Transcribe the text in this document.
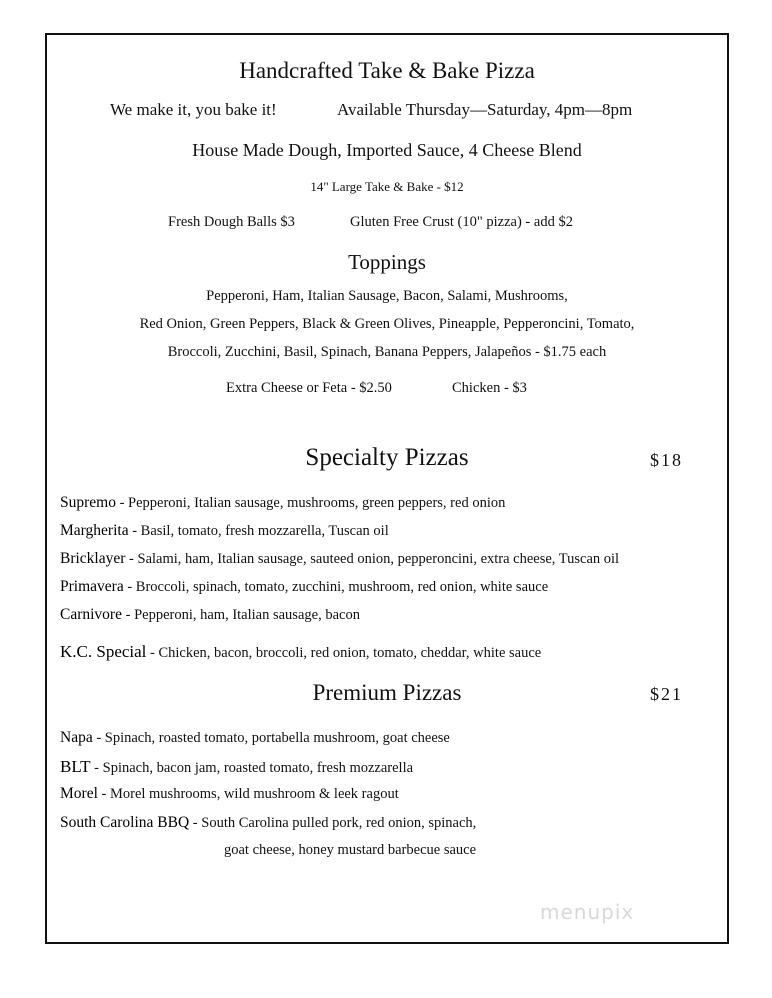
Handcrafted Take & Bake Pizza
We make it, you bake it!	Available Thursday—Saturday, 4pm—8pm
House Made Dough, Imported Sauce, 4 Cheese Blend
14" Large Take & Bake - $12
Fresh Dough Balls $3	Gluten Free Crust (10" pizza) - add $2
Toppings
Pepperoni, Ham, Italian Sausage, Bacon, Salami, Mushrooms,
Red Onion, Green Peppers, Black & Green Olives, Pineapple, Pepperoncini, Tomato,
Broccoli, Zucchini, Basil, Spinach, Banana Peppers, Jalapeños - $1.75 each
Extra Cheese or Feta - $2.50	Chicken - $3
Specialty Pizzas	$18
Supremo - Pepperoni, Italian sausage, mushrooms, green peppers, red onion
Margherita - Basil, tomato, fresh mozzarella, Tuscan oil
Bricklayer - Salami, ham, Italian sausage, sauteed onion, pepperoncini, extra cheese, Tuscan oil
Primavera - Broccoli, spinach, tomato, zucchini, mushroom, red onion, white sauce
Carnivore - Pepperoni, ham, Italian sausage, bacon
K.C. Special - Chicken, bacon, broccoli, red onion, tomato, cheddar, white sauce
Premium Pizzas	$21
Napa - Spinach, roasted tomato, portabella mushroom, goat cheese
BLT - Spinach, bacon jam, roasted tomato, fresh mozzarella
Morel - Morel mushrooms, wild mushroom & leek ragout
South Carolina BBQ - South Carolina pulled pork, red onion, spinach,
goat cheese, honey mustard barbecue sauce
menupix
